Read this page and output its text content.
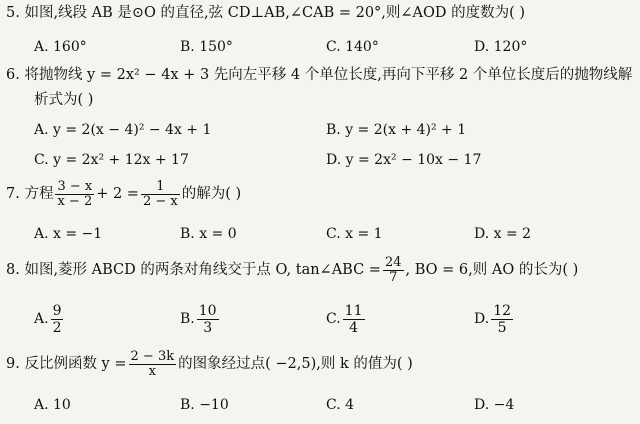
5. 如图,线段 AB 是⊙O 的直径,弦 CD⊥AB,∠CAB = 20°,则∠AOD 的度数为( )
A. 160°	B. 150°	C. 140°	D. 120°
6. 将抛物线 y = 2x² − 4x + 3 先向左平移 4 个单位长度,再向下平移 2 个单位长度后的抛物线解
析式为( )
A. y = 2(x − 4)² − 4x + 1	B. y = 2(x + 4)² + 1
C. y = 2x² + 12x + 17	D. y = 2x² − 10x − 17
7. 方程 $\frac{3 - x}{x - 2} + 2 = \frac{1}{2 - x}$ 的解为( )
A. x = −1	B. x = 0	C. x = 1	D. x = 2
8. 如图,菱形 ABCD 的两条对角线交于点 O, tan∠ABC = $\frac{24}{7}$ , BO = 6,则 AO 的长为( )
A. $\frac{9}{2}$	B. $\frac{10}{3}$	C. $\frac{11}{4}$	D. $\frac{12}{5}$
9. 反比例函数 $y = \frac{2 - 3k}{x}$ 的图象经过点( −2,5),则 k 的值为( )
A. 10	B. −10	C. 4	D. −4
